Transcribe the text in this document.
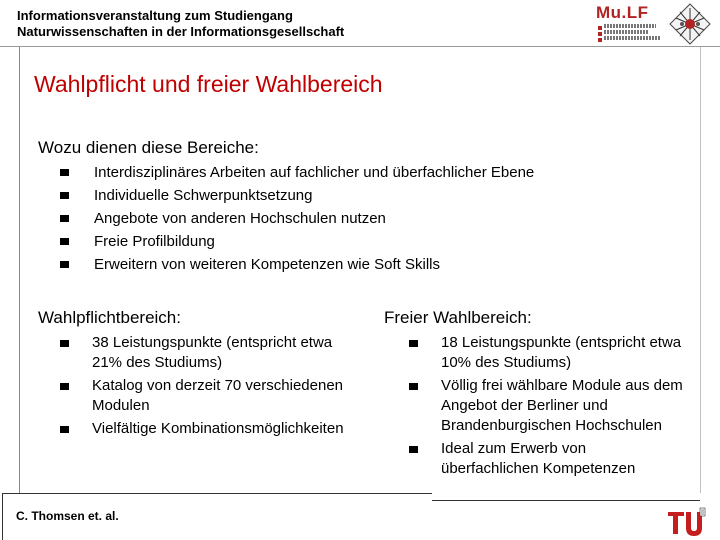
Informationsveranstaltung zum Studiengang
Naturwissenschaften in der Informationsgesellschaft
Mu.LF
Wahlpflicht und freier Wahlbereich
Wozu dienen diese Bereiche:
Interdisziplinäres Arbeiten auf fachlicher und überfachlicher Ebene
Individuelle Schwerpunktsetzung
Angebote von anderen Hochschulen nutzen
Freie Profilbildung
Erweitern von weiteren Kompetenzen wie Soft Skills
Wahlpflichtbereich:
38 Leistungspunkte (entspricht etwa 21% des Studiums)
Katalog von derzeit 70 verschiedenen Modulen
Vielfältige Kombinationsmöglichkeiten
Freier Wahlbereich:
18 Leistungspunkte (entspricht etwa 10% des Studiums)
Völlig frei wählbare Module aus dem Angebot der Berliner und Brandenburgischen Hochschulen
Ideal zum Erwerb von überfachlichen Kompetenzen
C. Thomsen et. al.
